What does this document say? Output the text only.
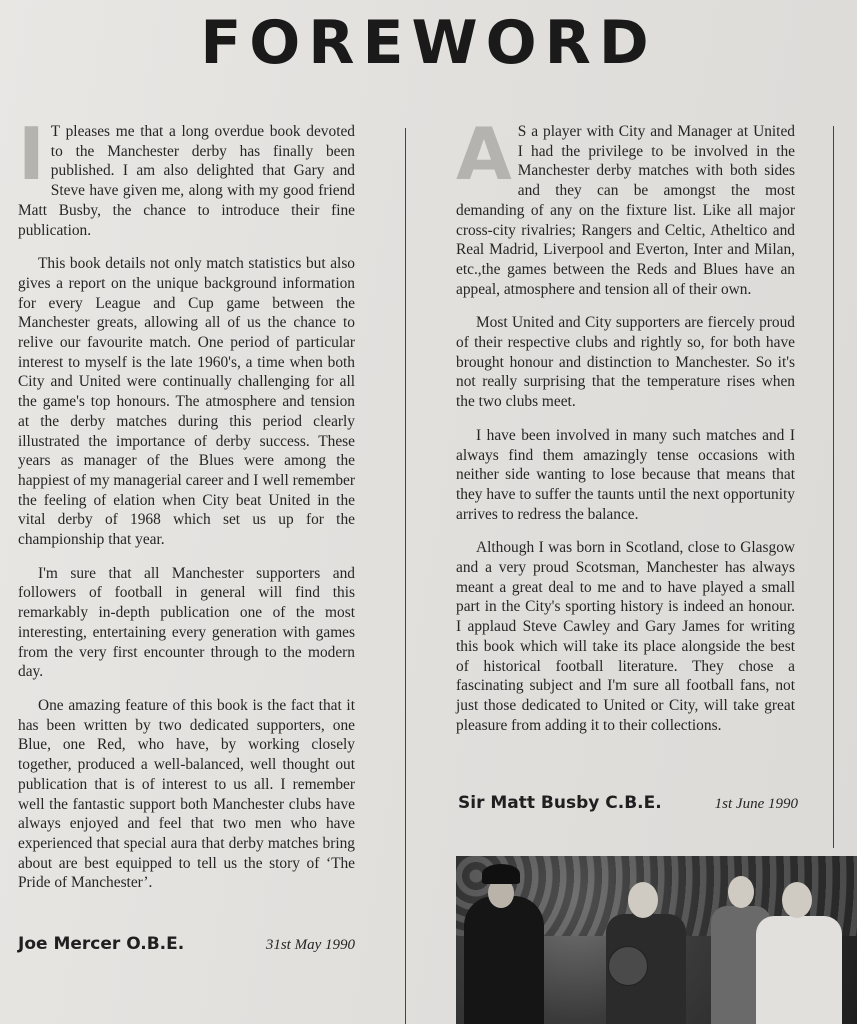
FOREWORD

I T pleases me that a long overdue book devoted to the Manchester derby has finally been published. I am also delighted that Gary and Steve have given me, along with my good friend Matt Busby, the chance to introduce their fine publication.

This book details not only match statistics but also gives a report on the unique background information for every League and Cup game between the Manchester greats, allowing all of us the chance to relive our favourite match. One period of particular interest to myself is the late 1960's, a time when both City and United were continually challenging for all the game's top honours. The atmosphere and tension at the derby matches during this period clearly illustrated the importance of derby success. These years as manager of the Blues were among the happiest of my managerial career and I well remember the feeling of elation when City beat United in the vital derby of 1968 which set us up for the championship that year.

I'm sure that all Manchester supporters and followers of football in general will find this remarkably in-depth publication one of the most interesting, entertaining every generation with games from the very first encounter through to the modern day.

One amazing feature of this book is the fact that it has been written by two dedicated supporters, one Blue, one Red, who have, by working closely together, produced a well-balanced, well thought out publication that is of interest to us all. I remember well the fantastic support both Manchester clubs have always enjoyed and feel that two men who have experienced that special aura that derby matches bring about are best equipped to tell us the story of ‘The Pride of Manchester’.

Joe Mercer O.B.E.	31st May 1990

A S a player with City and Manager at United I had the privilege to be involved in the Manchester derby matches with both sides and they can be amongst the most demanding of any on the fixture list. Like all major cross-city rivalries; Rangers and Celtic, Atheltico and Real Madrid, Liverpool and Everton, Inter and Milan, etc.,the games between the Reds and Blues have an appeal, atmosphere and tension all of their own.

Most United and City supporters are fiercely proud of their respective clubs and rightly so, for both have brought honour and distinction to Manchester. So it's not really surprising that the temperature rises when the two clubs meet.

I have been involved in many such matches and I always find them amazingly tense occasions with neither side wanting to lose because that means that they have to suffer the taunts until the next opportunity arrives to redress the balance.

Although I was born in Scotland, close to Glasgow and a very proud Scotsman, Manchester has always meant a great deal to me and to have played a small part in the City's sporting history is indeed an honour. I applaud Steve Cawley and Gary James for writing this book which will take its place alongside the best of historical football literature. They chose a fascinating subject and I'm sure all football fans, not just those dedicated to United or City, will take great pleasure from adding it to their collections.

Sir Matt Busby C.B.E.	1st June 1990
